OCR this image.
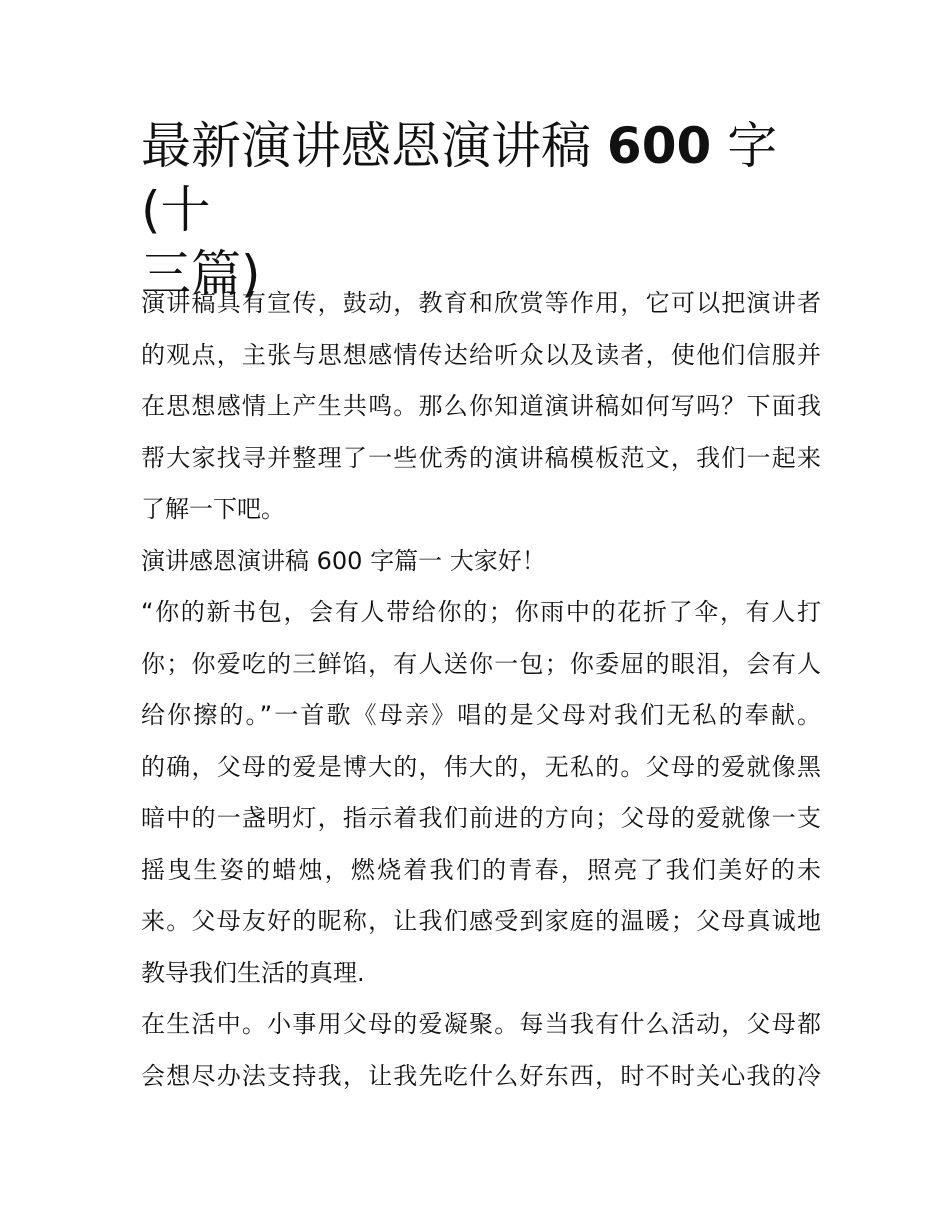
最新演讲感恩演讲稿 600 字(十
三篇)
演讲稿具有宣传，鼓动，教育和欣赏等作用，它可以把演讲者
的观点，主张与思想感情传达给听众以及读者，使他们信服并
在思想感情上产生共鸣。那么你知道演讲稿如何写吗？下面我
帮大家找寻并整理了一些优秀的演讲稿模板范文，我们一起来
了解一下吧。
演讲感恩演讲稿 600 字篇一 大家好！
“你的新书包，会有人带给你的；你雨中的花折了伞，有人打
你；你爱吃的三鲜馅，有人送你一包；你委屈的眼泪，会有人
给你擦的。”一首歌《母亲》唱的是父母对我们无私的奉献。
的确，父母的爱是博大的，伟大的，无私的。父母的爱就像黑
暗中的一盏明灯，指示着我们前进的方向；父母的爱就像一支
摇曳生姿的蜡烛，燃烧着我们的青春，照亮了我们美好的未
来。父母友好的昵称，让我们感受到家庭的温暖；父母真诚地
教导我们生活的真理.
在生活中。小事用父母的爱凝聚。每当我有什么活动，父母都
会想尽办法支持我，让我先吃什么好东西，时不时关心我的冷
